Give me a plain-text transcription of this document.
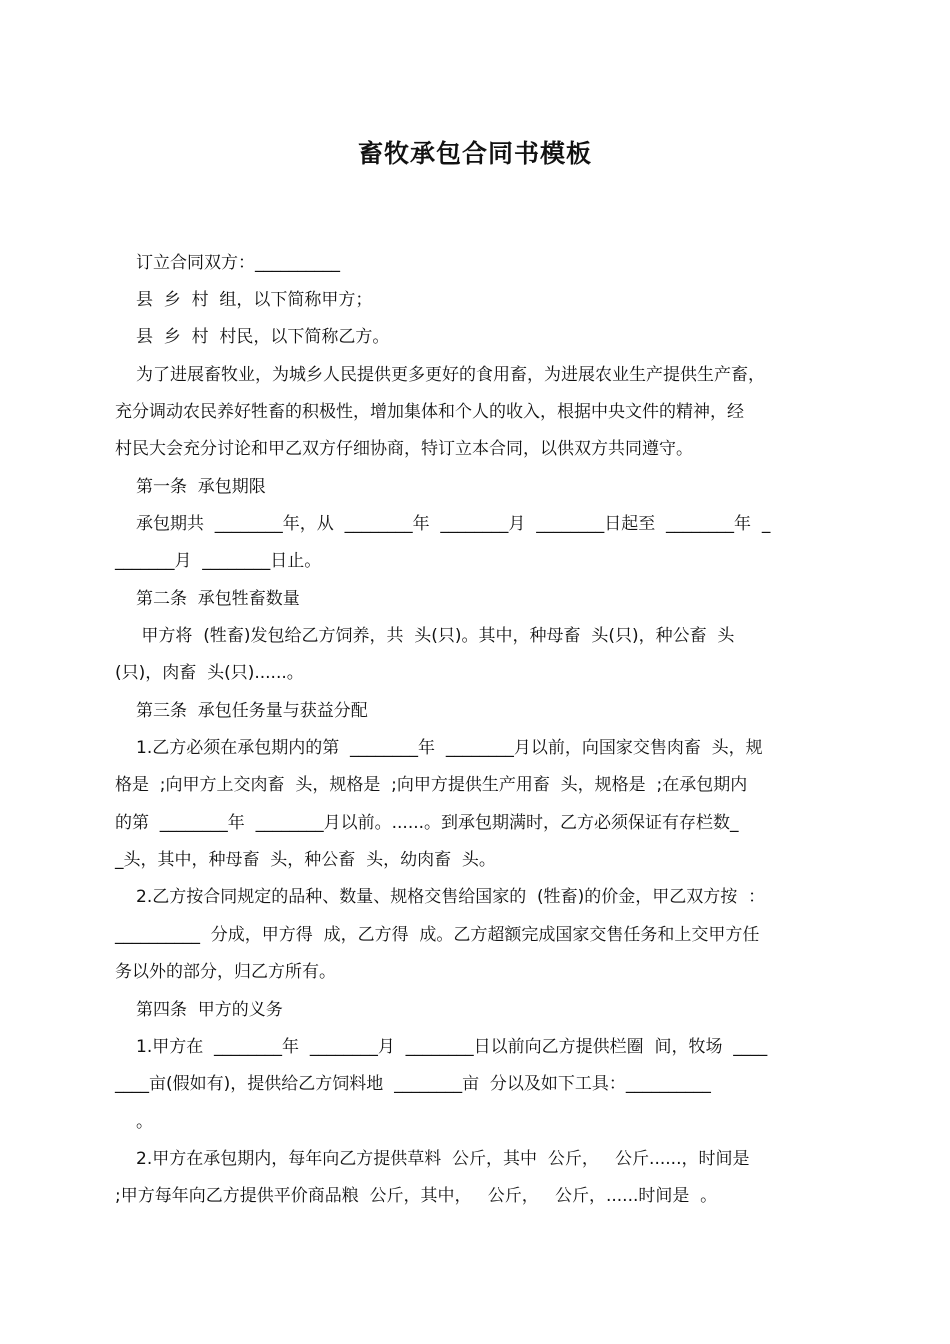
畜牧承包合同书模板
订立合同双方：__________
县  乡  村  组，以下简称甲方；
县  乡  村  村民，以下简称乙方。
为了进展畜牧业，为城乡人民提供更多更好的食用畜，为进展农业生产提供生产畜，
充分调动农民养好牲畜的积极性，增加集体和个人的收入，根据中央文件的精神，经
村民大会充分讨论和甲乙双方仔细协商，特订立本合同，以供双方共同遵守。
第一条  承包期限
承包期共  ________年，从  ________年  ________月  ________日起至  ________年  _
_______月  ________日止。
第二条  承包牲畜数量
甲方将  (牲畜)发包给乙方饲养，共  头(只)。其中，种母畜  头(只)，种公畜  头
(只)，肉畜  头(只)......。
第三条  承包任务量与获益分配
1.乙方必须在承包期内的第  ________年  ________月以前，向国家交售肉畜  头，规
格是  ;向甲方上交肉畜  头，规格是  ;向甲方提供生产用畜  头，规格是  ;在承包期内
的第  ________年  ________月以前。......。到承包期满时，乙方必须保证有存栏数_
_头，其中，种母畜  头，种公畜  头，幼肉畜  头。
2.乙方按合同规定的品种、数量、规格交售给国家的  (牲畜)的价金，甲乙双方按  ：
__________  分成，甲方得  成，乙方得  成。乙方超额完成国家交售任务和上交甲方任
务以外的部分，归乙方所有。
第四条  甲方的义务
1.甲方在  ________年  ________月  ________日以前向乙方提供栏圈  间，牧场  ____
____亩(假如有)，提供给乙方饲料地  ________亩  分以及如下工具：__________
。
2.甲方在承包期内，每年向乙方提供草料  公斤，其中  公斤，   公斤......，时间是
;甲方每年向乙方提供平价商品粮  公斤，其中，   公斤，   公斤，......时间是  。
